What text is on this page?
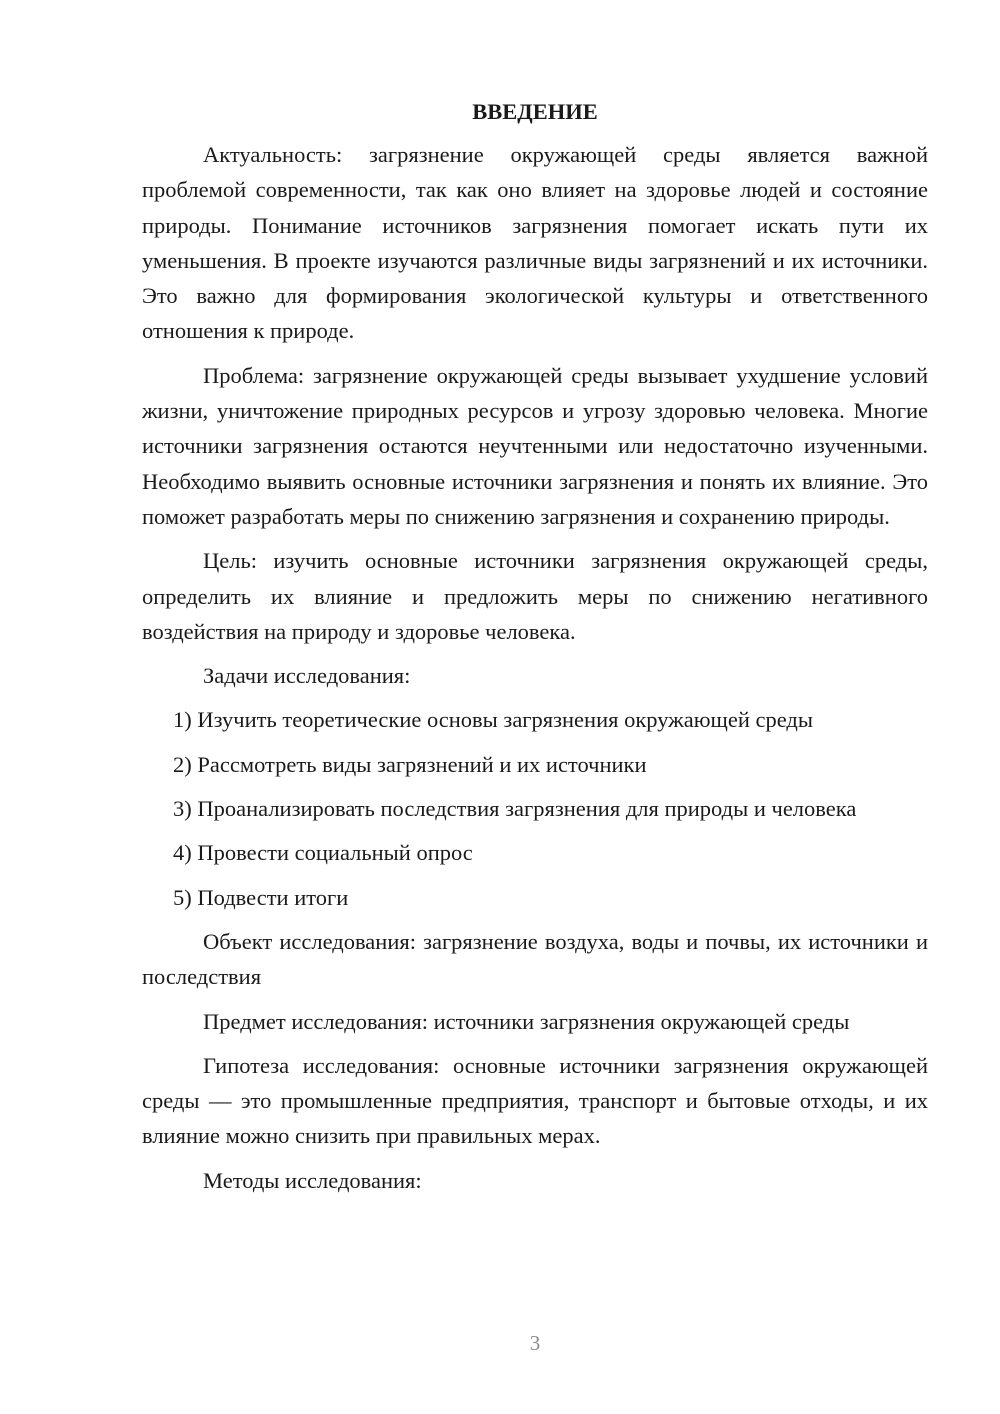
ВВЕДЕНИЕ

Актуальность: загрязнение окружающей среды является важной проблемой современности, так как оно влияет на здоровье людей и состояние природы. Понимание источников загрязнения помогает искать пути их уменьшения. В проекте изучаются различные виды загрязнений и их источники. Это важно для формирования экологической культуры и ответственного отношения к природе.

Проблема: загрязнение окружающей среды вызывает ухудшение условий жизни, уничтожение природных ресурсов и угрозу здоровью человека. Многие источники загрязнения остаются неучтенными или недостаточно изученными. Необходимо выявить основные источники загрязнения и понять их влияние. Это поможет разработать меры по снижению загрязнения и сохранению природы.

Цель: изучить основные источники загрязнения окружающей среды, определить их влияние и предложить меры по снижению негативного воздействия на природу и здоровье человека.

Задачи исследования:

1) Изучить теоретические основы загрязнения окружающей среды

2) Рассмотреть виды загрязнений и их источники

3) Проанализировать последствия загрязнения для природы и человека

4) Провести социальный опрос

5) Подвести итоги

Объект исследования: загрязнение воздуха, воды и почвы, их источники и последствия

Предмет исследования: источники загрязнения окружающей среды

Гипотеза исследования: основные источники загрязнения окружающей среды — это промышленные предприятия, транспорт и бытовые отходы, и их влияние можно снизить при правильных мерах.

Методы исследования:

3
